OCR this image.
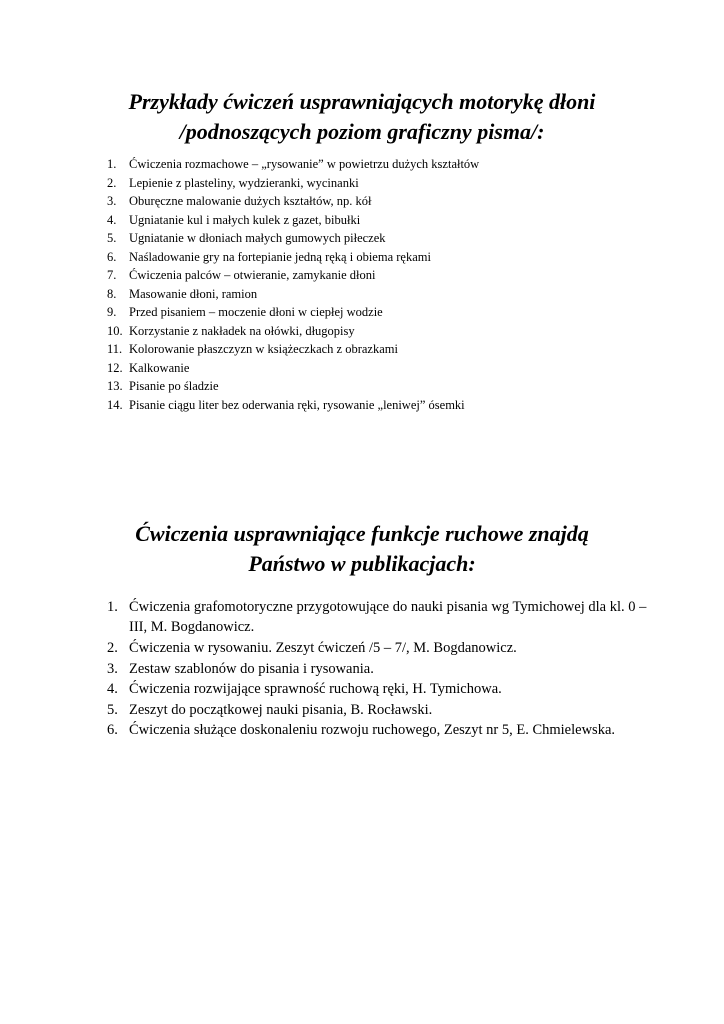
Przykłady ćwiczeń usprawniających motorykę dłoni
/podnoszących poziom graficzny pisma/:
1. Ćwiczenia rozmachowe – „rysowanie” w powietrzu dużych kształtów
2. Lepienie z plasteliny, wydzieranki, wycinanki
3. Oburęczne malowanie dużych kształtów, np. kół
4. Ugniatanie kul i małych kulek z gazet, bibułki
5. Ugniatanie w dłoniach małych gumowych piłeczek
6. Naśladowanie gry na fortepianie jedną ręką i obiema rękami
7. Ćwiczenia palców – otwieranie, zamykanie dłoni
8. Masowanie dłoni, ramion
9. Przed pisaniem – moczenie dłoni w ciepłej wodzie
10. Korzystanie z nakładek na ołówki, długopisy
11. Kolorowanie płaszczyzn w książeczkach z obrazkami
12. Kalkowanie
13. Pisanie po śladzie
14. Pisanie ciągu liter bez oderwania ręki, rysowanie „leniwej” ósemki
Ćwiczenia usprawniające funkcje ruchowe znajdą
Państwo w publikacjach:
1. Ćwiczenia grafomotoryczne przygotowujące do nauki pisania wg Tymichowej dla kl. 0 – III, M. Bogdanowicz.
2. Ćwiczenia w rysowaniu. Zeszyt ćwiczeń /5 – 7/, M. Bogdanowicz.
3. Zestaw szablonów do pisania i rysowania.
4. Ćwiczenia rozwijające sprawność ruchową ręki, H. Tymichowa.
5. Zeszyt do początkowej nauki pisania, B. Rocławski.
6. Ćwiczenia służące doskonaleniu rozwoju ruchowego, Zeszyt nr 5, E. Chmielewska.
